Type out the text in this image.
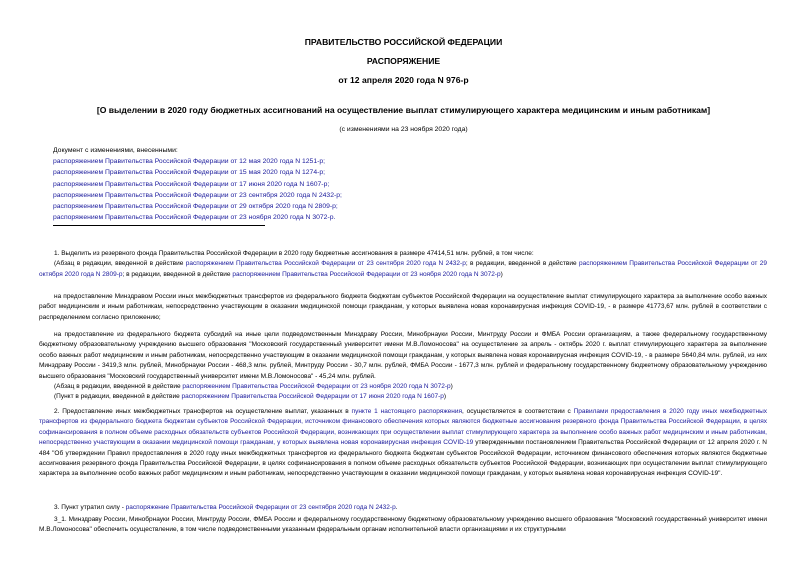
ПРАВИТЕЛЬСТВО РОССИЙСКОЙ ФЕДЕРАЦИИ
РАСПОРЯЖЕНИЕ
от 12 апреля 2020 года N 976-р
[О выделении в 2020 году бюджетных ассигнований на осуществление выплат стимулирующего характера медицинским и иным работникам]
(с изменениями на 23 ноября 2020 года)
Документ с изменениями, внесенными:
распоряжением Правительства Российской Федерации от 12 мая 2020 года N 1251-р;
распоряжением Правительства Российской Федерации от 15 мая 2020 года N 1274-р;
распоряжением Правительства Российской Федерации от 17 июня 2020 года N 1607-р;
распоряжением Правительства Российской Федерации от 23 сентября 2020 года N 2432-р;
распоряжением Правительства Российской Федерации от 29 октября 2020 года N 2809-р;
распоряжением Правительства Российской Федерации от 23 ноября 2020 года N 3072-р.
1. Выделить из резервного фонда Правительства Российской Федерации в 2020 году бюджетные ассигнования в размере 47414,51 млн. рублей, в том числе:
(Абзац в редакции, введенной в действие распоряжением Правительства Российской Федерации от 23 сентября 2020 года N 2432-р; в редакции, введенной в действие распоряжением Правительства Российской Федерации от 29 октября 2020 года N 2809-р; в редакции, введенной в действие распоряжением Правительства Российской Федерации от 23 ноября 2020 года N 3072-р)
на предоставление Минздравом России иных межбюджетных трансфертов из федерального бюджета бюджетам субъектов Российской Федерации на осуществление выплат стимулирующего характера за выполнение особо важных работ медицинским и иным работникам, непосредственно участвующим в оказании медицинской помощи гражданам, у которых выявлена новая коронавирусная инфекция COVID-19, - в размере 41773,67 млн. рублей в соответствии с распределением согласно приложению;
на предоставление из федерального бюджета субсидий на иные цели подведомственным Минздраву России, Минобрнауки России, Минтруду России и ФМБА России организациям, а также федеральному государственному бюджетному образовательному учреждению высшего образования "Московский государственный университет имени М.В.Ломоносова" на осуществление за апрель - октябрь 2020 г. выплат стимулирующего характера за выполнение особо важных работ медицинским и иным работникам, непосредственно участвующим в оказании медицинской помощи гражданам, у которых выявлена новая коронавирусная инфекция COVID-19, - в размере 5640,84 млн. рублей, из них Минздраву России - 3419,3 млн. рублей, Минобрнауки России - 468,3 млн. рублей, Минтруду России - 30,7 млн. рублей, ФМБА России - 1677,3 млн. рублей и федеральному государственному бюджетному образовательному учреждению высшего образования "Московский государственный университет имени М.В.Ломоносова" - 45,24 млн. рублей.
(Абзац в редакции, введенной в действие распоряжением Правительства Российской Федерации от 23 ноября 2020 года N 3072-р)
(Пункт в редакции, введенной в действие распоряжением Правительства Российской Федерации от 17 июня 2020 года N 1607-р)
2. Предоставление иных межбюджетных трансфертов на осуществление выплат, указанных в пункте 1 настоящего распоряжения, осуществляется в соответствии с Правилами предоставления в 2020 году иных межбюджетных трансфертов из федерального бюджета бюджетам субъектов Российской Федерации, источником финансового обеспечения которых являются бюджетные ассигнования резервного фонда Правительства Российской Федерации, в целях софинансирования в полном объеме расходных обязательств субъектов Российской Федерации, возникающих при осуществлении выплат стимулирующего характера за выполнение особо важных работ медицинским и иным работникам, непосредственно участвующим в оказании медицинской помощи гражданам, у которых выявлена новая коронавирусная инфекция COVID-19 утвержденными постановлением Правительства Российской Федерации от 12 апреля 2020 г. N 484 "Об утверждении Правил предоставления в 2020 году иных межбюджетных трансфертов из федерального бюджета бюджетам субъектов Российской Федерации, источником финансового обеспечения которых являются бюджетные ассигнования резервного фонда Правительства Российской Федерации, в целях софинансирования в полном объеме расходных обязательств субъектов Российской Федерации, возникающих при осуществлении выплат стимулирующего характера за выполнение особо важных работ медицинским и иным работникам, непосредственно участвующим в оказании медицинской помощи гражданам, у которых выявлена новая коронавирусная инфекция COVID-19".
3. Пункт утратил силу - распоряжение Правительства Российской Федерации от 23 сентября 2020 года N 2432-р.
3_1. Минздраву России, Минобрнауки России, Минтруду России, ФМБА России и федеральному государственному бюджетному образовательному учреждению высшего образования "Московский государственный университет имени М.В.Ломоносова" обеспечить осуществление, в том числе подведомственными указанным федеральным органам исполнительной власти организациями и их структурными
